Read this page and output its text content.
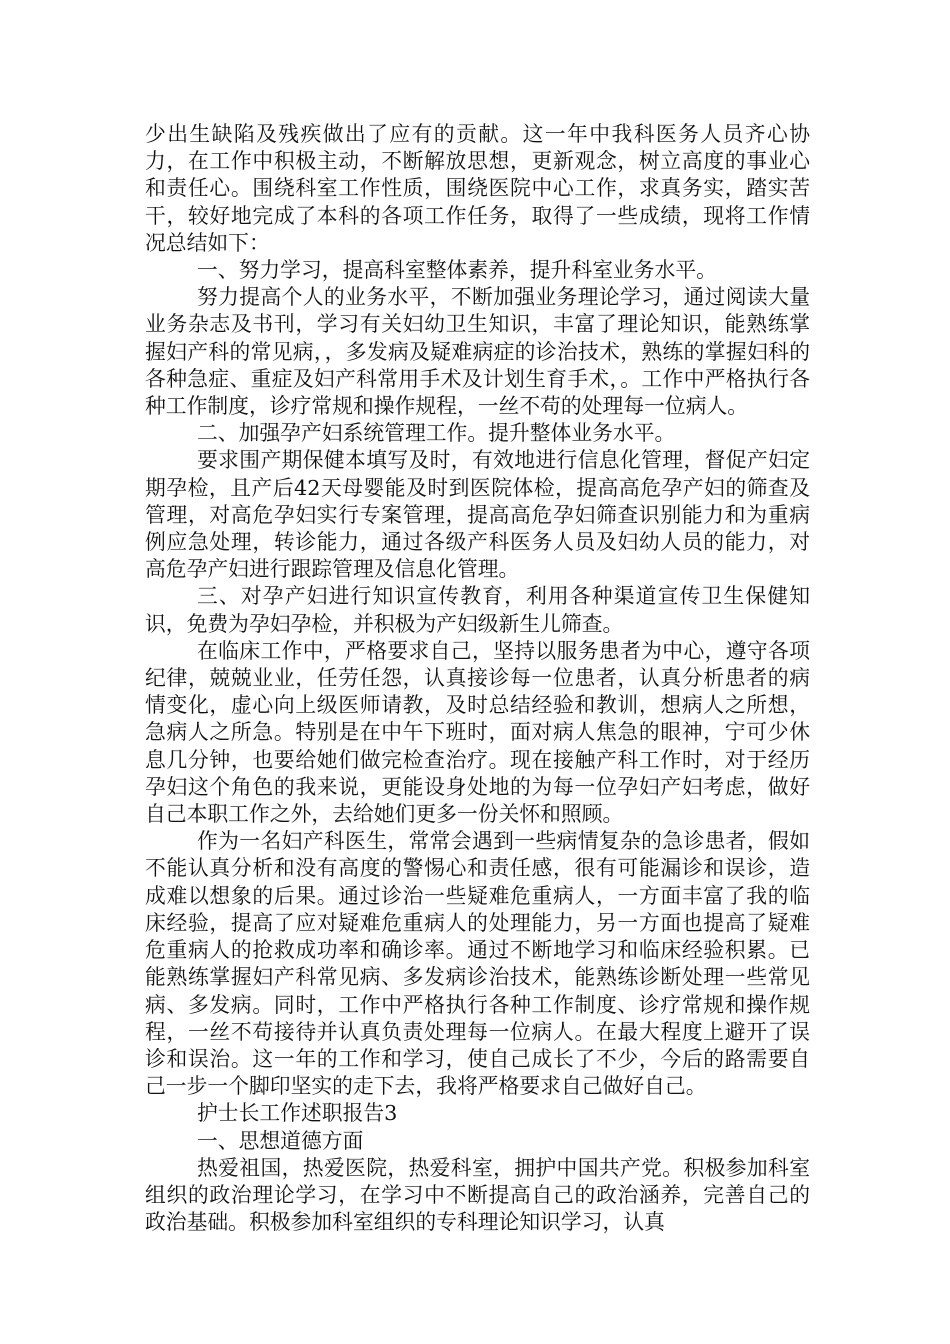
少出生缺陷及残疾做出了应有的贡献。这一年中我科医务人员齐心协力，在工作中积极主动，不断解放思想，更新观念，树立高度的事业心和责任心。围绕科室工作性质，围绕医院中心工作，求真务实，踏实苦干，较好地完成了本科的各项工作任务，取得了一些成绩，现将工作情况总结如下：

一、努力学习，提高科室整体素养，提升科室业务水平。

努力提高个人的业务水平，不断加强业务理论学习，通过阅读大量业务杂志及书刊，学习有关妇幼卫生知识，丰富了理论知识，能熟练掌握妇产科的常见病，，多发病及疑难病症的诊治技术，熟练的掌握妇科的各种急症、重症及妇产科常用手术及计划生育手术，。工作中严格执行各种工作制度，诊疗常规和操作规程，一丝不苟的处理每一位病人。

二、加强孕产妇系统管理工作。提升整体业务水平。

要求围产期保健本填写及时，有效地进行信息化管理，督促产妇定期孕检，且产后42天母婴能及时到医院体检，提高高危孕产妇的筛查及管理，对高危孕妇实行专案管理，提高高危孕妇筛查识别能力和为重病例应急处理，转诊能力，通过各级产科医务人员及妇幼人员的能力，对高危孕产妇进行跟踪管理及信息化管理。

三、对孕产妇进行知识宣传教育，利用各种渠道宣传卫生保健知识，免费为孕妇孕检，并积极为产妇级新生儿筛查。

在临床工作中，严格要求自己，坚持以服务患者为中心，遵守各项纪律，兢兢业业，任劳任怨，认真接诊每一位患者，认真分析患者的病情变化，虚心向上级医师请教，及时总结经验和教训，想病人之所想，急病人之所急。特别是在中午下班时，面对病人焦急的眼神，宁可少休息几分钟，也要给她们做完检查治疗。现在接触产科工作时，对于经历孕妇这个角色的我来说，更能设身处地的为每一位孕妇产妇考虑，做好自己本职工作之外，去给她们更多一份关怀和照顾。

作为一名妇产科医生，常常会遇到一些病情复杂的急诊患者，假如不能认真分析和没有高度的警惕心和责任感，很有可能漏诊和误诊，造成难以想象的后果。通过诊治一些疑难危重病人，一方面丰富了我的临床经验，提高了应对疑难危重病人的处理能力，另一方面也提高了疑难危重病人的抢救成功率和确诊率。通过不断地学习和临床经验积累。已能熟练掌握妇产科常见病、多发病诊治技术，能熟练诊断处理一些常见病、多发病。同时，工作中严格执行各种工作制度、诊疗常规和操作规程，一丝不苟接待并认真负责处理每一位病人。在最大程度上避开了误诊和误治。这一年的工作和学习，使自己成长了不少，今后的路需要自己一步一个脚印坚实的走下去，我将严格要求自己做好自己。

护士长工作述职报告3

一、思想道德方面

热爱祖国，热爱医院，热爱科室，拥护中国共产党。积极参加科室组织的政治理论学习，在学习中不断提高自己的政治涵养，完善自己的政治基础。积极参加科室组织的专科理论知识学习，认真
